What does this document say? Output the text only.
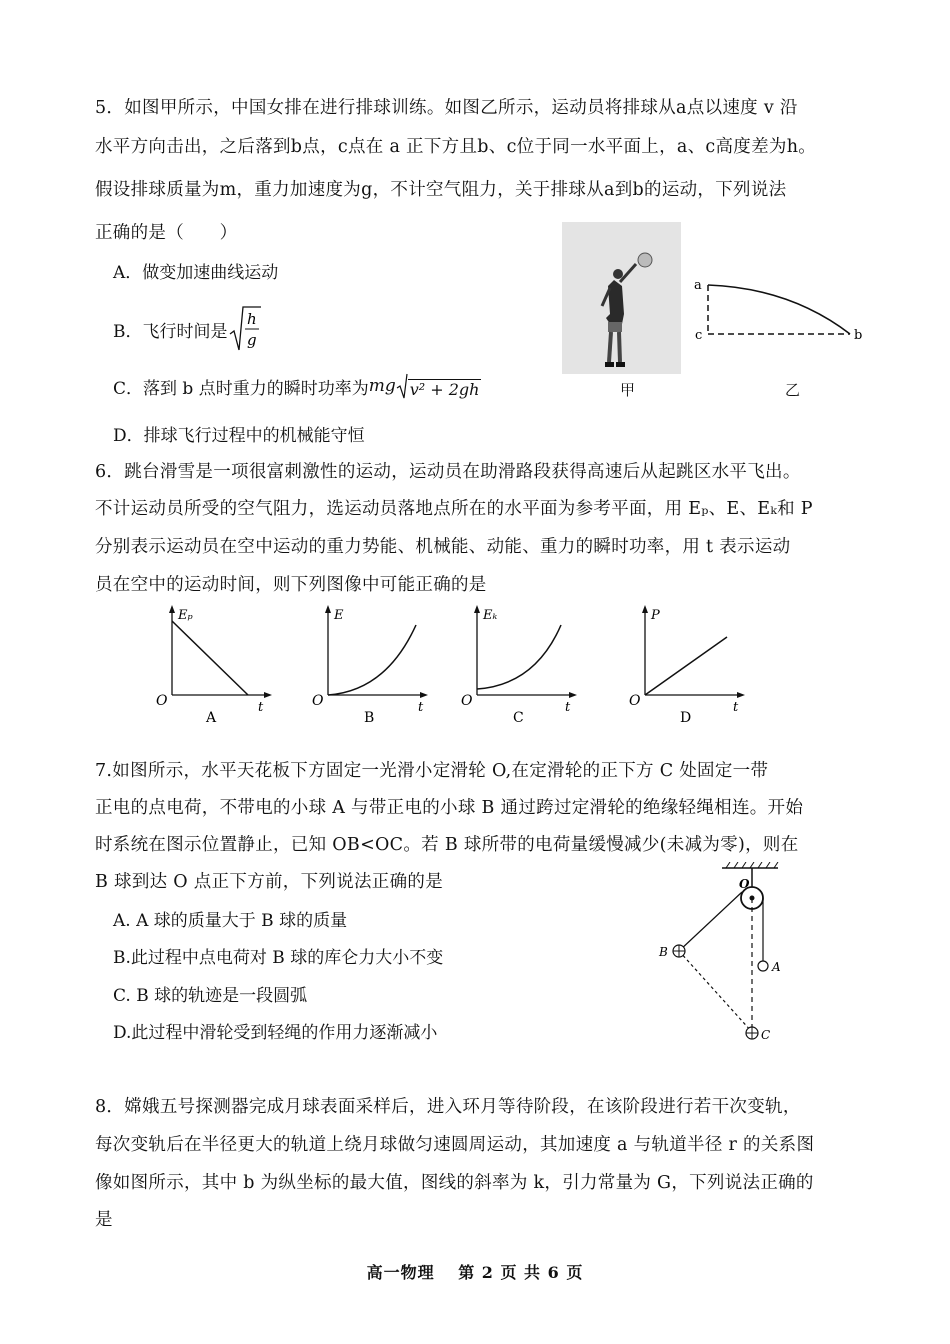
5．如图甲所示，中国女排在进行排球训练。如图乙所示，运动员将排球从a点以速度 v 沿
水平方向击出，之后落到b点，c点在 a 正下方且b、c位于同一水平面上，a、c高度差为h。
假设排球质量为m，重力加速度为g，不计空气阻力，关于排球从a到b的运动，下列说法
正确的是（　　）
A．做变加速曲线运动
B．飞行时间是
h
g
C．落到 b 点时重力的瞬时功率为 mg v² + 2gh
D．排球飞行过程中的机械能守恒
甲
a
c	b
乙
6．跳台滑雪是一项很富刺激性的运动，运动员在助滑路段获得高速后从起跳区水平飞出。
不计运动员所受的空气阻力，选运动员落地点所在的水平面为参考平面，用 Eₚ、E、Eₖ和 P
分别表示运动员在空中运动的重力势能、机械能、动能、重力的瞬时功率，用 t 表示运动
员在空中的运动时间，则下列图像中可能正确的是
Eₚ
t
O
A
E
t
O
B
Eₖ
t
O
C
P
t
O
D
7.如图所示，水平天花板下方固定一光滑小定滑轮 O,在定滑轮的正下方 C 处固定一带
正电的点电荷，不带电的小球 A 与带正电的小球 B 通过跨过定滑轮的绝缘轻绳相连。开始
时系统在图示位置静止，已知 OB<OC。若 B 球所带的电荷量缓慢减少(未减为零)，则在
B 球到达 O 点正下方前，下列说法正确的是
A. A 球的质量大于 B 球的质量
B.此过程中点电荷对 B 球的库仑力大小不变
C. B 球的轨迹是一段圆弧
D.此过程中滑轮受到轻绳的作用力逐渐减小
O
A
B
C
8．嫦娥五号探测器完成月球表面采样后，进入环月等待阶段，在该阶段进行若干次变轨，
每次变轨后在半径更大的轨道上绕月球做匀速圆周运动，其加速度 a 与轨道半径 r 的关系图
像如图所示，其中 b 为纵坐标的最大值，图线的斜率为 k，引力常量为 G，下列说法正确的
是
高一物理　 第 2 页 共 6 页
